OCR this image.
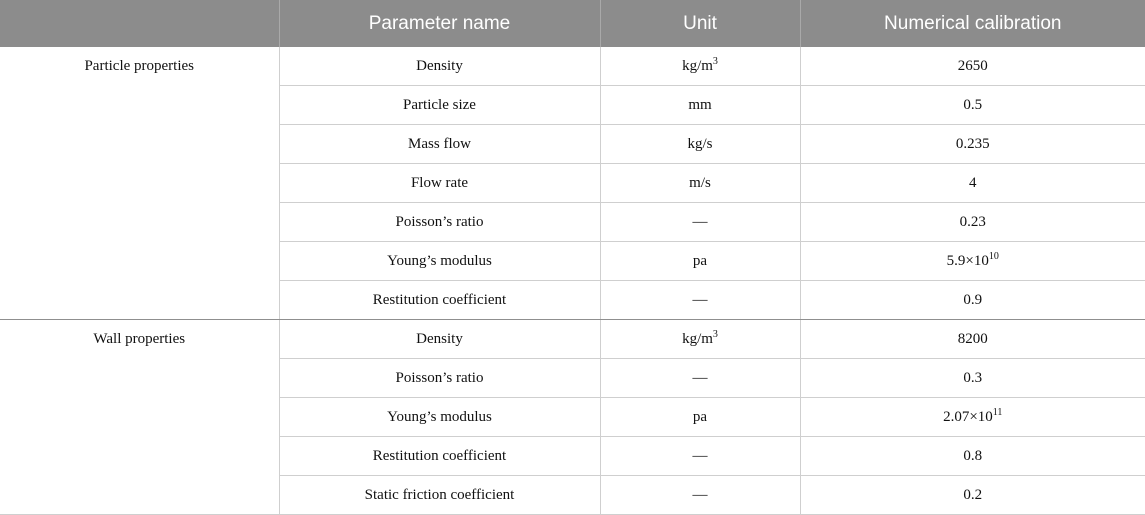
	Parameter name	Unit	Numerical calibration
Particle properties	Density	$kg/m^3$	2650
	Particle size	mm	0.5
	Mass flow	kg/s	0.235
	Flow rate	m/s	4
	Poisson’s ratio	—	0.23
	Young’s modulus	pa	$5.9\times 10^{10}$
	Restitution coefficient	—	0.9
Wall properties	Density	$kg/m^3$	8200
	Poisson’s ratio	—	0.3
	Young’s modulus	pa	$2.07\times 10^{11}$
	Restitution coefficient	—	0.8
	Static friction coefficient	—	0.2
